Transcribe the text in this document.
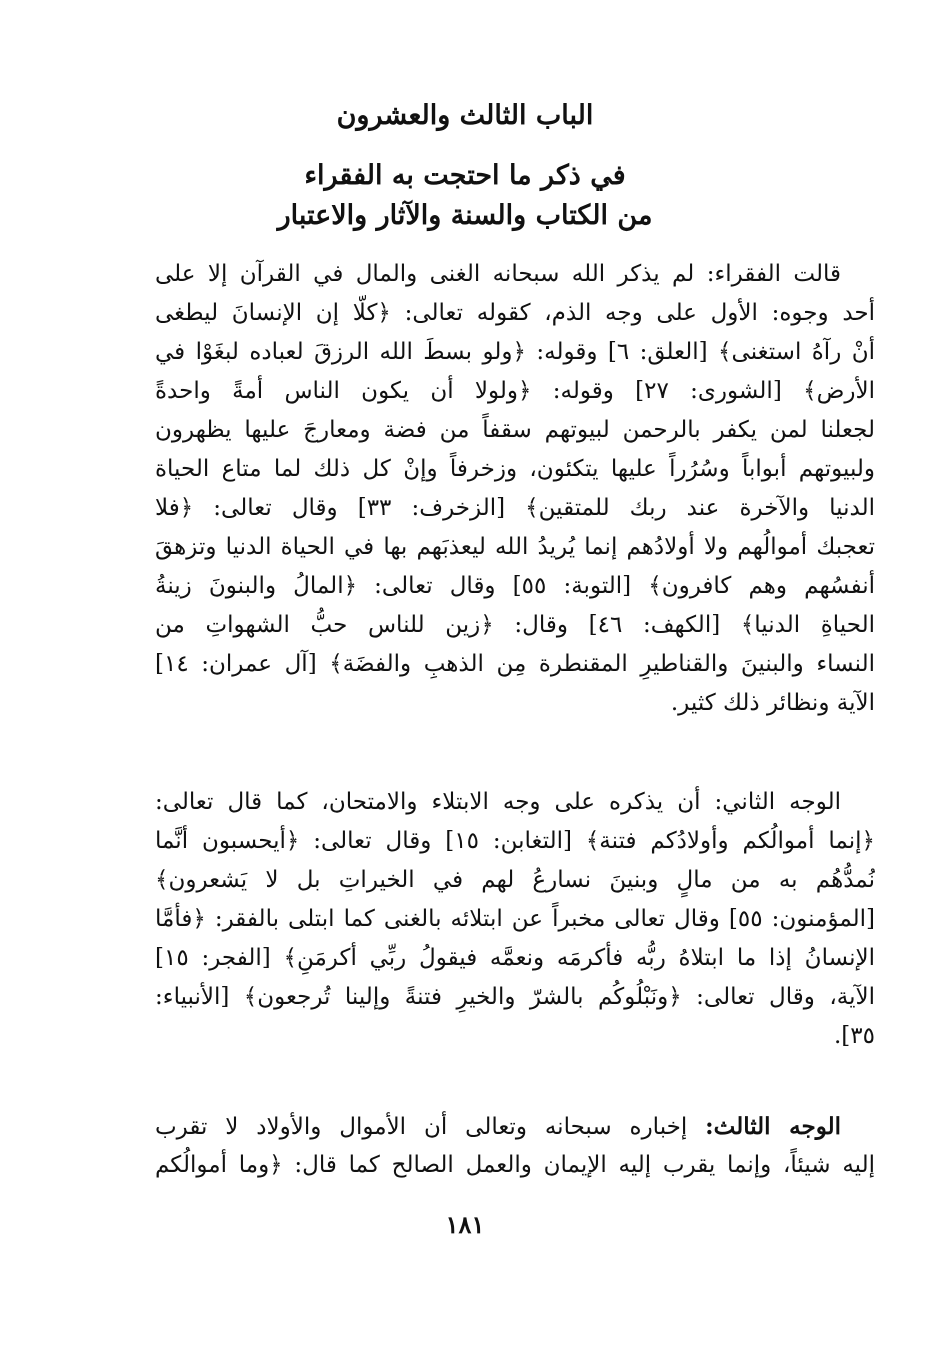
الباب الثالث والعشرون
في ذكر ما احتجت به الفقراء
من الكتاب والسنة والآثار والاعتبار
قالت الفقراء: لم يذكر الله سبحانه الغنى والمال في القرآن إلا على
أحد وجوه: الأول على وجه الذم، كقوله تعالى: ﴿كلّا إن الإنسانَ ليطغى
أنْ رآهُ استغنى﴾ [العلق: ٦] وقوله: ﴿ولو بسطَ الله الرزقَ لعباده لبغَوْا في
الأرض﴾ [الشورى: ٢٧] وقوله: ﴿ولولا أن يكون الناس أمةً واحدةً
لجعلنا لمن يكفر بالرحمن لبيوتهم سقفاً من فضة ومعارجَ عليها يظهرون
ولبيوتهم أبواباً وسُرُراً عليها يتكئون، وزخرفاً وإنْ كل ذلك لما متاع الحياة
الدنيا والآخرة عند ربك للمتقين﴾ [الزخرف: ٣٣] وقال تعالى: ﴿فلا
تعجبك أموالُهم ولا أولادُهم إنما يُريدُ الله ليعذبَهم بها في الحياة الدنيا وتزهقَ
أنفسُهم وهم كافرون﴾ [التوبة: ٥٥] وقال تعالى: ﴿المالُ والبنونَ زينةُ
الحياةِ الدنيا﴾ [الكهف: ٤٦] وقال: ﴿زين للناس حبُّ الشهواتِ من
النساء والبنينَ والقناطيرِ المقنطرة مِن الذهبِ والفضَة﴾ [آل عمران: ١٤]
الآية ونظائر ذلك كثير.
الوجه الثاني: أن يذكره على وجه الابتلاء والامتحان، كما قال تعالى:
﴿إنما أموالُكم وأولادُكم فتنة﴾ [التغابن: ١٥] وقال تعالى: ﴿أيحسبون أنَّما
نُمدُّهُم به من مالٍ وبنينَ نسارعُ لهم في الخيراتِ بل لا يَشعرون﴾
[المؤمنون: ٥٥] وقال تعالى مخبراً عن ابتلائه بالغنى كما ابتلى بالفقر: ﴿فأمَّا
الإنسانُ إذا ما ابتلاهُ ربُّه فأكرمَه ونعمَّه فيقولُ ربِّي أكرمَنِ﴾ [الفجر: ١٥]
الآية، وقال تعالى: ﴿ونَبْلُوكُم بالشرّ والخيرِ فتنةً وإلينا تُرجعون﴾ [الأنبياء:
٣٥].
الوجه الثالث: إخباره سبحانه وتعالى أن الأموال والأولاد لا تقرب
إليه شيئاً، وإنما يقرب إليه الإيمان والعمل الصالح كما قال: ﴿وما أموالُكم
١٨١
